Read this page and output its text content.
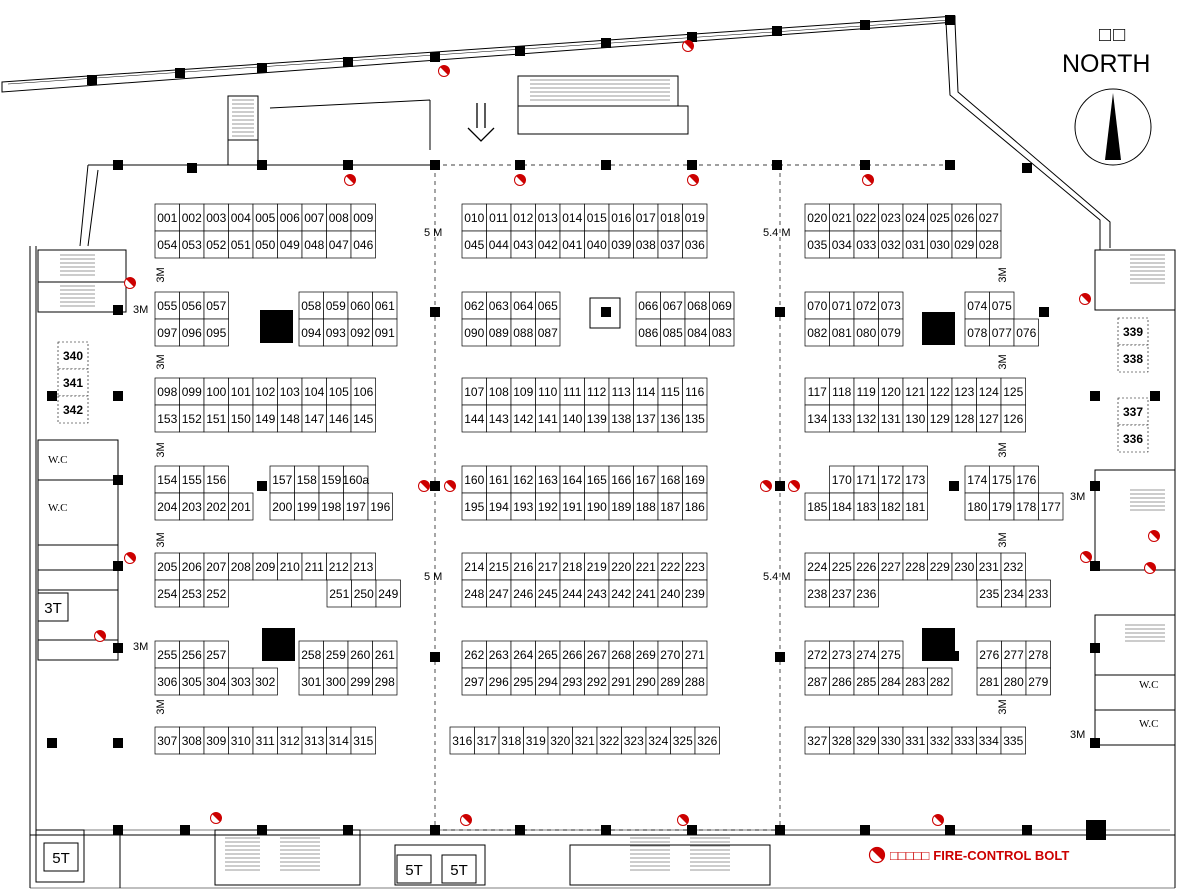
001 002 003 004 005 006 007 008 009
054 053 052 051 050 049 048 047 046
010 011 012 013 014 015 016 017 018 019
045 044 043 042 041 040 039 038 037 036
020 021 022 023 024 025 026 027
035 034 033 032 031 030 029 028
055 056 057
097 096 095
058 059 060 061
094 093 092 091
062 063 064 065
090 089 088 087
066 067 068 069
086 085 084 083
070 071 072 073
082 081 080 079
074 075
078 077 076
098 099 100 101 102 103 104 105 106
153 152 151 150 149 148 147 146 145
107 108 109 110 111 112 113 114 115 116
144 143 142 141 140 139 138 137 136 135
117 118 119 120 121 122 123 124 125
134 133 132 131 130 129 128 127 126
154 155 156
204 203 202 201
157 158 159 160a
200 199 198 197 196
160 161 162 163 164 165 166 167 168 169
195 194 193 192 191 190 189 188 187 186
170 171 172 173
185 184 183 182 181
174 175 176
180 179 178 177
205 206 207 208 209 210 211 212 213
254 253 252	251 250 249
214 215 216 217 218 219 220 221 222 223
248 247 246 245 244 243 242 241 240 239
224 225 226 227 228 229 230 231 232
238 237 236	235 234 233
255 256 257
306 305 304 303 302
258 259 260 261
301 300 299 298
262 263 264 265 266 267 268 269 270 271
297 296 295 294 293 292 291 290 289 288
272 273 274 275
287 286 285 284 283 282
276 277 278
281 280 279
307 308 309 310 311 312 313 314 315	316 317 318 319 320 321 322 323 324 325 326	327 328 329 330 331 332 333 334 335
340
341
342
339
338
337
336
5 M	5.4 M
5 M	5.4 M
3M
3M
3M
3M
3M
3M
3M
3M
3M
3M
3M
3M
3M
3M
W.C
W.C
W.C
W.C
3T
5T
5T 5T
□□
NORTH
□□□□□ FIRE-CONTROL BOLT
